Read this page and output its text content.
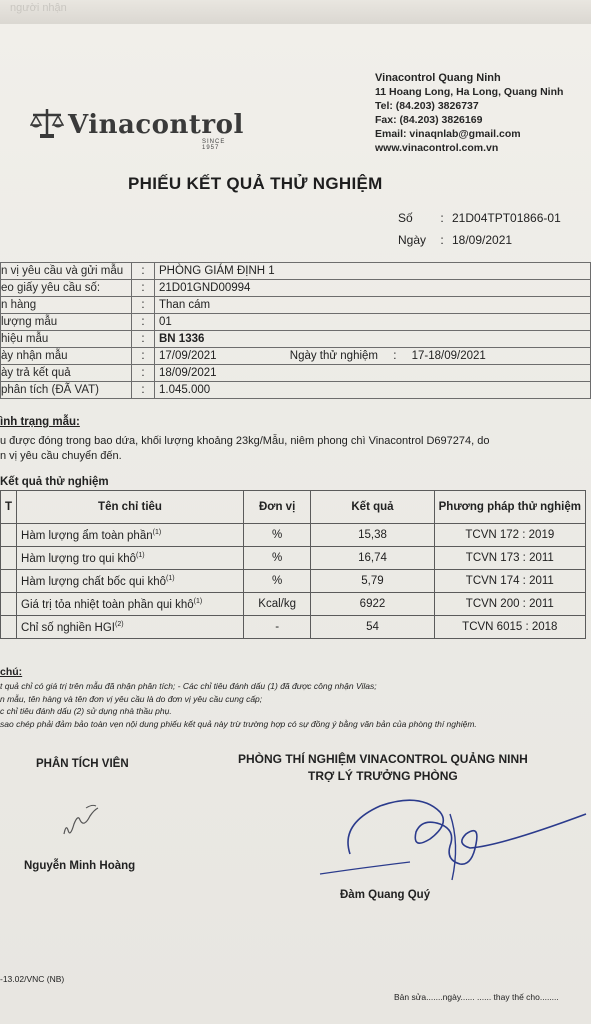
người nhận
Vinacontrol
SINCE 1957
Vinacontrol Quang Ninh
11 Hoang Long, Ha Long, Quang Ninh
Tel: (84.203) 3826737
Fax: (84.203) 3826169
Email: vinaqnlab@gmail.com
www.vinacontrol.com.vn
PHIẾU KẾT QUẢ THỬ NGHIỆM
Số	: 21D04TPT01866-01
Ngày	: 18/09/2021
n vị yêu cầu và gửi mẫu	:	PHÒNG GIÁM ĐỊNH 1
eo giấy yêu cầu số:	:	21D01GND00994
n hàng	:	Than cám
lượng mẫu	:	01
hiệu mẫu	:	BN 1336
ày nhận mẫu	:	17/09/2021 Ngày thử nghiệm : 17-18/09/2021
ày trả kết quả	:	18/09/2021
phân tích (ĐÃ VAT)	:	1.045.000
ình trạng mẫu:
u được đóng trong bao dứa, khối lượng khoảng 23kg/Mẫu, niêm phong chì Vinacontrol D697274, do
n vị yêu cầu chuyển đến.
Kết quả thử nghiệm
T	Tên chỉ tiêu	Đơn vị	Kết quả	Phương pháp thử nghiệm
	Hàm lượng ẩm toàn phần$^{(1)}$	%	15,38	TCVN 172 : 2019
	Hàm lượng tro qui khô$^{(1)}$	%	16,74	TCVN 173 : 2011
	Hàm lượng chất bốc qui khô$^{(1)}$	%	5,79	TCVN 174 : 2011
	Giá trị tỏa nhiệt toàn phần qui khô$^{(1)}$	Kcal/kg	6922	TCVN 200 : 2011
	Chỉ số nghiền HGI$^{(2)}$	-	54	TCVN 6015 : 2018
chú:
t quả chỉ có giá trị trên mẫu đã nhận phân tích; - Các chỉ tiêu đánh dấu (1) đã được công nhận Vilas;
n mẫu, tên hàng và tên đơn vị yêu cầu là do đơn vị yêu cầu cung cấp;
c chỉ tiêu đánh dấu (2) sử dụng nhà thầu phụ.
sao chép phải đảm bảo toàn vẹn nội dung phiếu kết quả này trừ trường hợp có sự đồng ý bằng văn bản của phòng thí nghiệm.
PHÂN TÍCH VIÊN	PHÒNG THÍ NGHIỆM VINACONTROL QUẢNG NINH
TRỢ LÝ TRƯỞNG PHÒNG
Nguyễn Minh Hoàng
Đàm Quang Quý
-13.02/VNC (NB)
Bản sửa.......ngày...... ...... thay thế cho........
